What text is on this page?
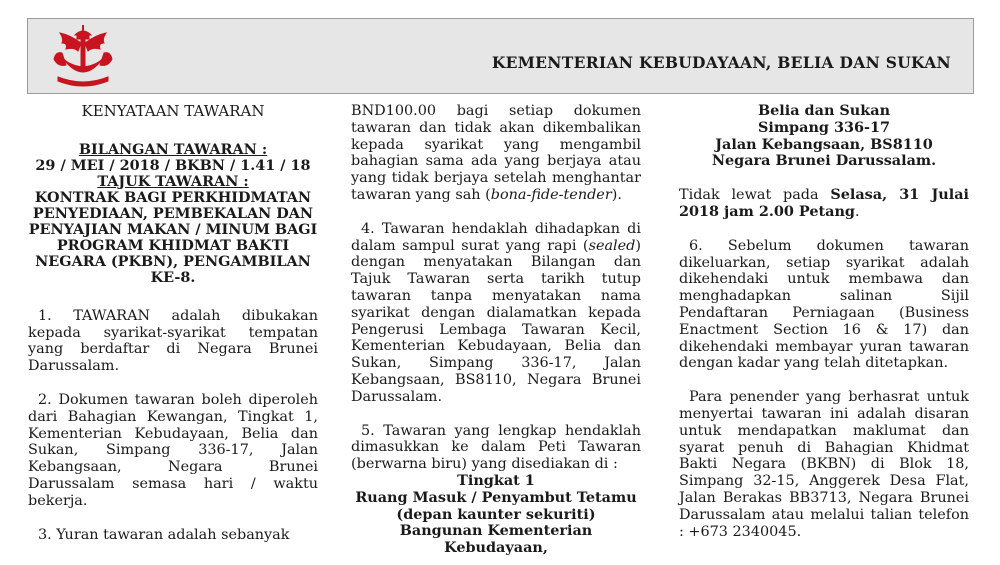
KEMENTERIAN KEBUDAYAAN, BELIA DAN SUKAN

KENYATAAN TAWARAN

BILANGAN TAWARAN :

29 / MEI / 2018 / BKBN / 1.41 / 18

TAJUK TAWARAN :

KONTRAK BAGI PERKHIDMATAN PENYEDIAAN, PEMBEKALAN DAN PENYAJIAN MAKAN / MINUM BAGI PROGRAM KHIDMAT BAKTI NEGARA (PKBN), PENGAMBILAN KE-8.

1. TAWARAN adalah dibukakan kepada syarikat-syarikat tempatan yang berdaftar di Negara Brunei Darussalam.

2. Dokumen tawaran boleh diperoleh dari Bahagian Kewangan, Tingkat 1, Kementerian Kebudayaan, Belia dan Sukan, Simpang 336-17, Jalan Kebangsaan, Negara Brunei Darussalam semasa hari / waktu bekerja.

3. Yuran tawaran adalah sebanyak

BND100.00 bagi setiap dokumen tawaran dan tidak akan dikembalikan kepada syarikat yang mengambil bahagian sama ada yang berjaya atau yang tidak berjaya setelah menghantar tawaran yang sah (bona-fide-tender).

4. Tawaran hendaklah dihadapkan di dalam sampul surat yang rapi (sealed) dengan menyatakan Bilangan dan Tajuk Tawaran serta tarikh tutup tawaran tanpa menyatakan nama syarikat dengan dialamatkan kepada Pengerusi Lembaga Tawaran Kecil, Kementerian Kebudayaan, Belia dan Sukan, Simpang 336-17, Jalan Kebangsaan, BS8110, Negara Brunei Darussalam.

5. Tawaran yang lengkap hendaklah dimasukkan ke dalam Peti Tawaran (berwarna biru) yang disediakan di :

Tingkat 1

Ruang Masuk / Penyambut Tetamu

(depan kaunter sekuriti)

Bangunan Kementerian Kebudayaan,

Belia dan Sukan

Simpang 336-17

Jalan Kebangsaan, BS8110

Negara Brunei Darussalam.

Tidak lewat pada Selasa, 31 Julai 2018 jam 2.00 Petang.

6. Sebelum dokumen tawaran dikeluarkan, setiap syarikat adalah dikehendaki untuk membawa dan menghadapkan salinan Sijil Pendaftaran Perniagaan (Business Enactment Section 16 & 17) dan dikehendaki membayar yuran tawaran dengan kadar yang telah ditetapkan.

Para penender yang berhasrat untuk menyertai tawaran ini adalah disaran untuk mendapatkan maklumat dan syarat penuh di Bahagian Khidmat Bakti Negara (BKBN) di Blok 18, Simpang 32-15, Anggerek Desa Flat, Jalan Berakas BB3713, Negara Brunei Darussalam atau melalui talian telefon : +673 2340045.
